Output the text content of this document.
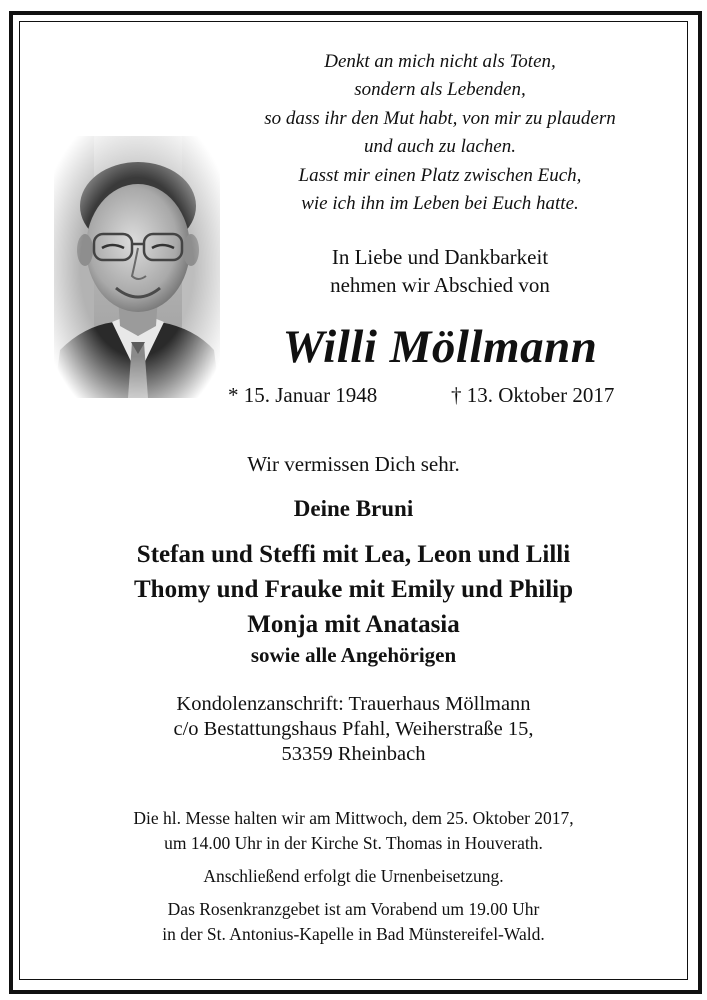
Denkt an mich nicht als Toten,
sondern als Lebenden,
so dass ihr den Mut habt, von mir zu plaudern
und auch zu lachen.
Lasst mir einen Platz zwischen Euch,
wie ich ihn im Leben bei Euch hatte.
In Liebe und Dankbarkeit
nehmen wir Abschied von
Willi Möllmann
* 15. Januar 1948	† 13. Oktober 2017
Wir vermissen Dich sehr.
Deine Bruni
Stefan und Steffi mit Lea, Leon und Lilli
Thomy und Frauke mit Emily und Philip
Monja mit Anatasia
sowie alle Angehörigen
Kondolenzanschrift: Trauerhaus Möllmann
c/o Bestattungshaus Pfahl, Weiherstraße 15,
53359 Rheinbach
Die hl. Messe halten wir am Mittwoch, dem 25. Oktober 2017,
um 14.00 Uhr in der Kirche St. Thomas in Houverath.
Anschließend erfolgt die Urnenbeisetzung.
Das Rosenkranzgebet ist am Vorabend um 19.00 Uhr
in der St. Antonius-Kapelle in Bad Münstereifel-Wald.
